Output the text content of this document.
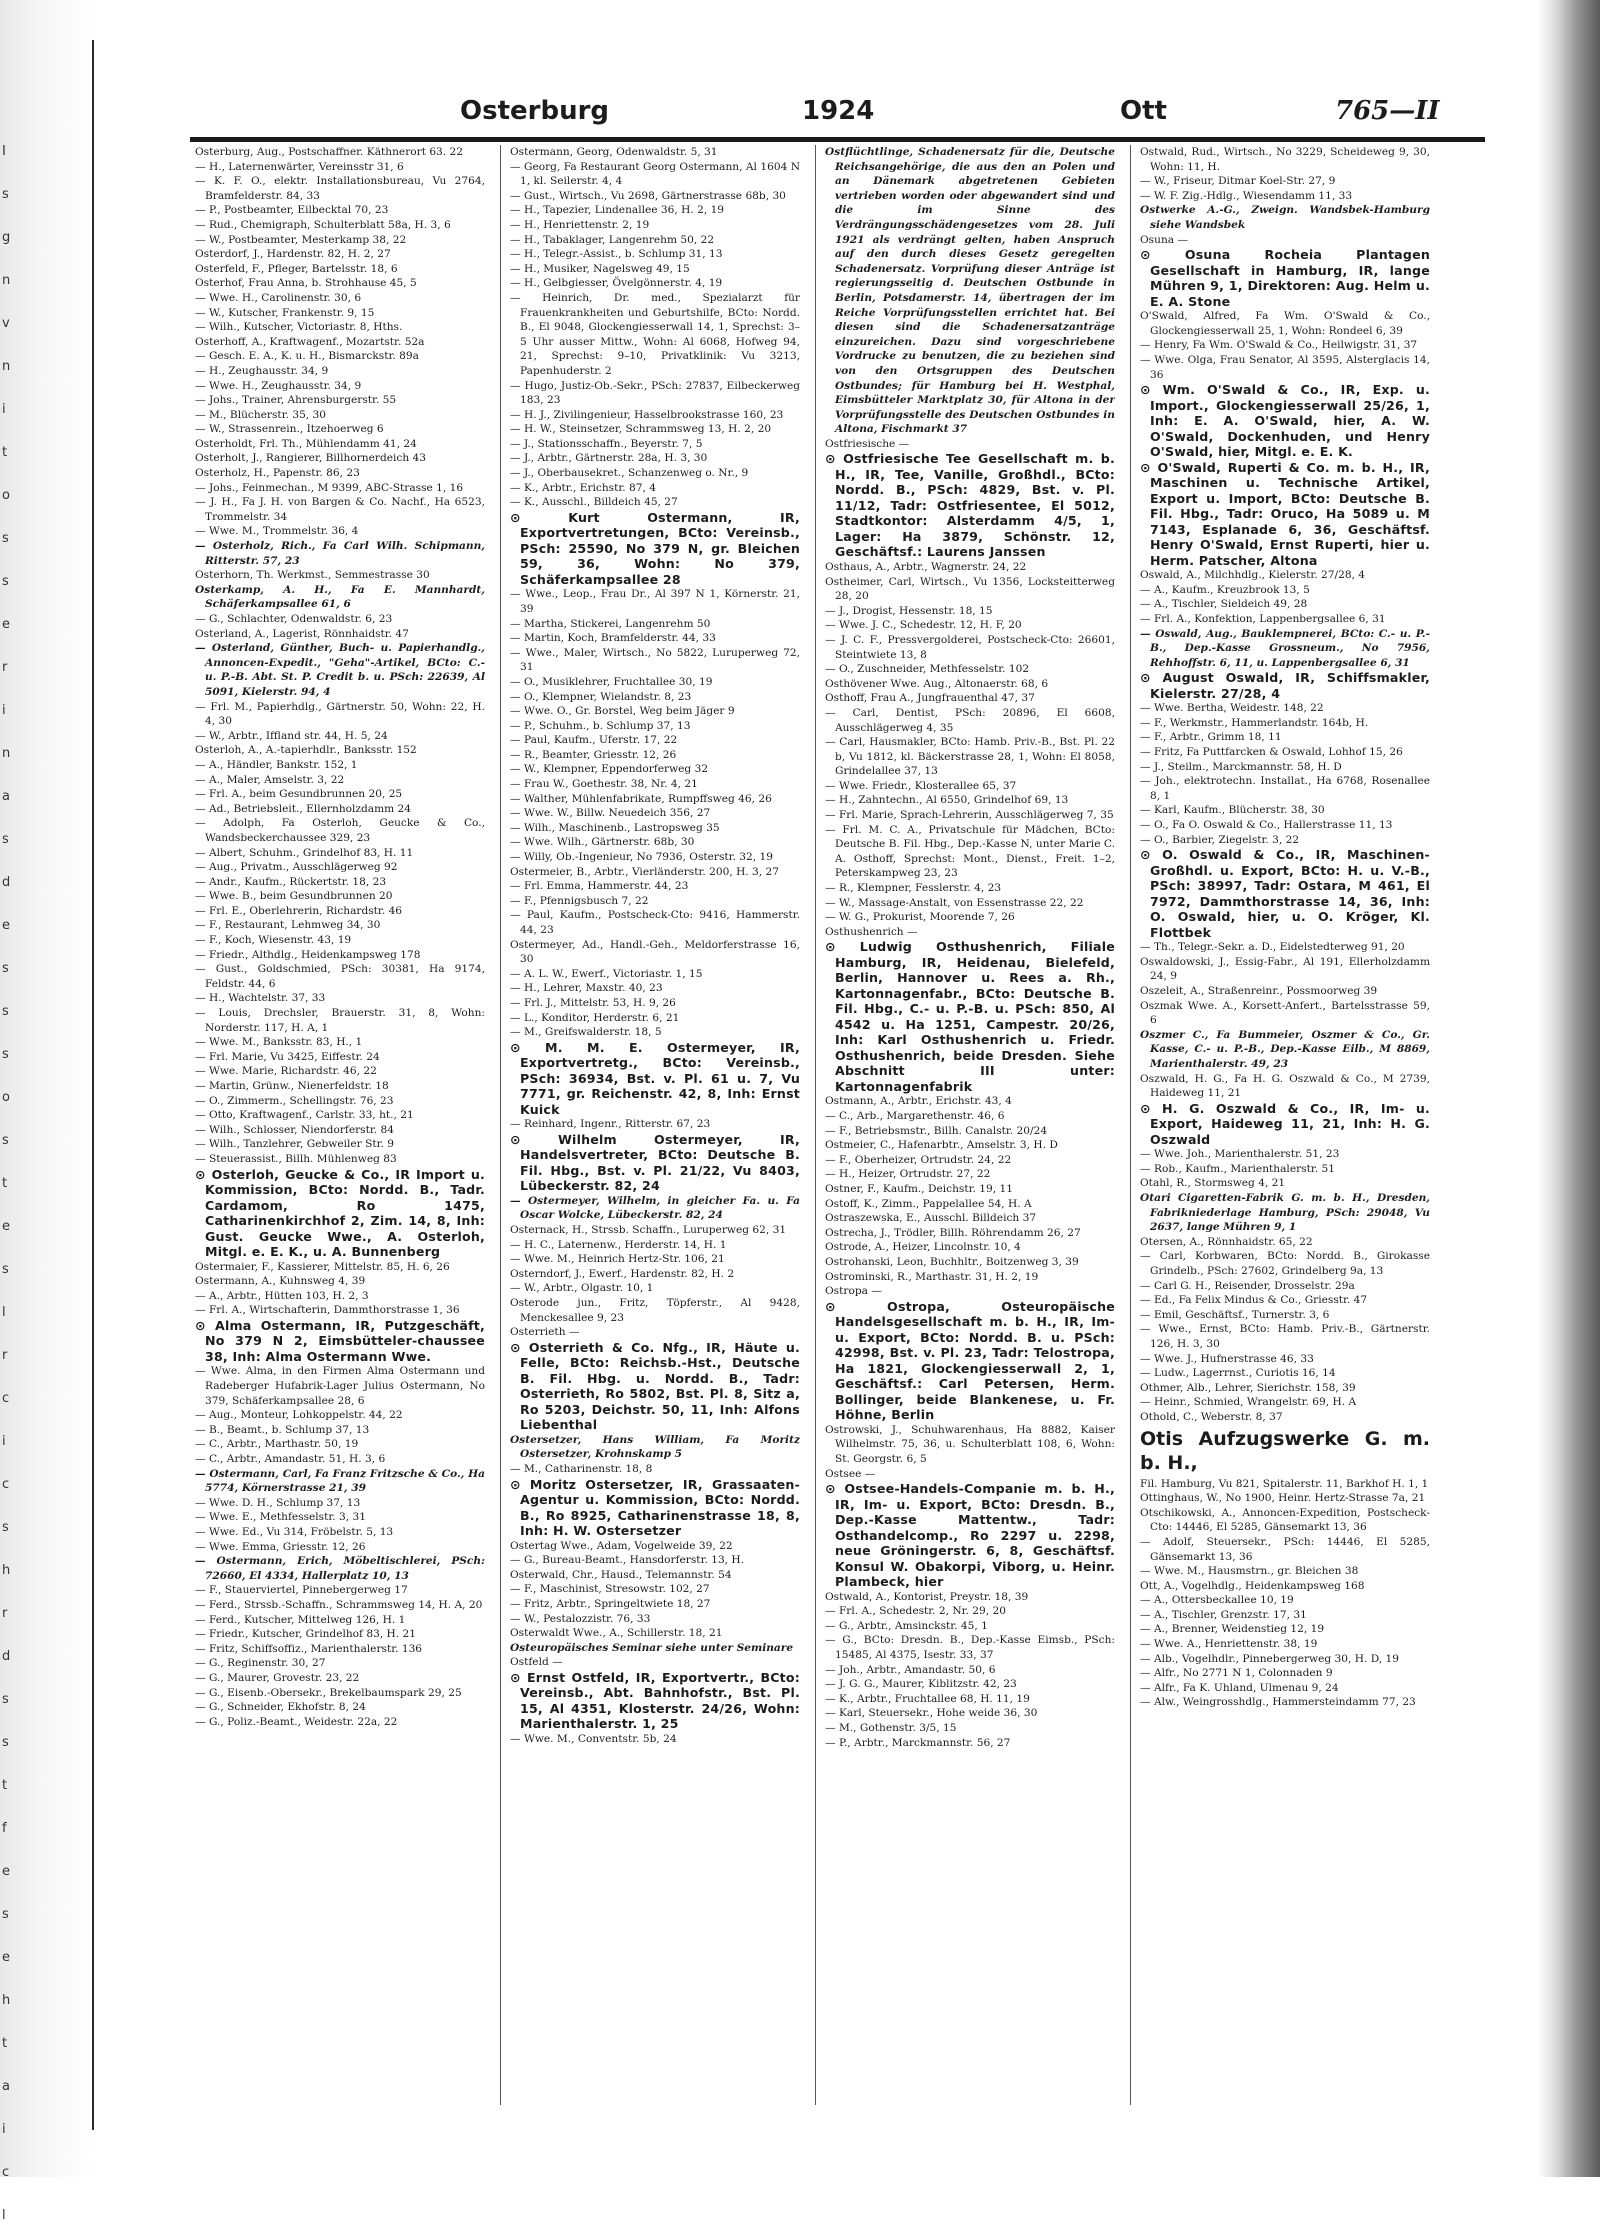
I
s
g
n
v
n
i
t
o
s
s
e
r
i
n
a
s
d
e
s
s
s
o
s
t
e
s
l
r
c
i
c
s
h
r
d
s
s
t
f
e
s
e
h
t
a
i
c
l
Osterburg	1924	Ott	765—II

Osterburg, Aug., Postschaffner. Käthnerort 63. 22

— H., Laternenwärter, Vereinsstr 31, 6

— K. F. O., elektr. Installationsbureau, Vu 2764, Bramfelderstr. 84, 33

— P., Postbeamter, Eilbecktal 70, 23

— Rud., Chemigraph, Schulterblatt 58a, H. 3, 6

— W., Postbeamter, Mesterkamp 38, 22

Osterdorf, J., Hardenstr. 82, H. 2, 27

Osterfeld, F., Pfleger, Bartelsstr. 18, 6

Osterhof, Frau Anna, b. Strohhause 45, 5

— Wwe. H., Carolinenstr. 30, 6

— W., Kutscher, Frankenstr. 9, 15

— Wilh., Kutscher, Victoriastr. 8, Hths.

Osterhoff, A., Kraftwagenf., Mozartstr. 52a

— Gesch. E. A., K. u. H., Bismarckstr. 89a

— H., Zeughausstr. 34, 9

— Wwe. H., Zeughausstr. 34, 9

— Johs., Trainer, Ahrensburgerstr. 55

— M., Blücherstr. 35, 30

— W., Strassenrein., Itzehoerweg 6

Osterholdt, Frl. Th., Mühlendamm 41, 24

Osterholt, J., Rangierer, Billhornerdeich 43

Osterholz, H., Papenstr. 86, 23

— Johs., Feinmechan., M 9399, ABC-Strasse 1, 16

— J. H., Fa J. H. von Bargen & Co. Nachf., Ha 6523, Trommelstr. 34

— Wwe. M., Trommelstr. 36, 4

— Osterholz, Rich., Fa Carl Wilh. Schipmann, Ritterstr. 57, 23

Osterhorn, Th. Werkmst., Semmestrasse 30

Osterkamp, A. H., Fa E. Mannhardt, Schäferkampsallee 61, 6

— G., Schlachter, Odenwaldstr. 6, 23

Osterland, A., Lagerist, Rönnhaidstr. 47

— Osterland, Günther, Buch- u. Papierhandlg., Annoncen-Expedit., "Geha"-Artikel, BCto: C.- u. P.-B. Abt. St. P. Credit b. u. PSch: 22639, Al 5091, Kielerstr. 94, 4

— Frl. M., Papierhdlg., Gärtnerstr. 50, Wohn: 22, H. 4, 30

— W., Arbtr., Iffland str. 44, H. 5, 24

Osterloh, A., A.-tapierhdlr., Banksstr. 152

— A., Händler, Bankstr. 152, 1

— A., Maler, Amselstr. 3, 22

— Frl. A., beim Gesundbrunnen 20, 25

— Ad., Betriebsleit., Ellernholzdamm 24

— Adolph, Fa Osterloh, Geucke & Co., Wandsbeckerchaussee 329, 23

— Albert, Schuhm., Grindelhof 83, H. 11

— Aug., Privatm., Ausschlägerweg 92

— Andr., Kaufm., Rückertstr. 18, 23

— Wwe. B., beim Gesundbrunnen 20

— Frl. E., Oberlehrerin, Richardstr. 46

— F., Restaurant, Lehmweg 34, 30

— F., Koch, Wiesenstr. 43, 19

— Friedr., Althdlg., Heidenkampsweg 178

— Gust., Goldschmied, PSch: 30381, Ha 9174, Feldstr. 44, 6

— H., Wachtelstr. 37, 33

— Louis, Drechsler, Brauerstr. 31, 8, Wohn: Norderstr. 117, H. A, 1

— Wwe. M., Banksstr. 83, H., 1

— Frl. Marie, Vu 3425, Eiffestr. 24

— Wwe. Marie, Richardstr. 46, 22

— Martin, Grünw., Nienerfeldstr. 18

— O., Zimmerm., Schellingstr. 76, 23

— Otto, Kraftwagenf., Carlstr. 33, ht., 21

— Wilh., Schlosser, Niendorferstr. 84

— Wilh., Tanzlehrer, Gebweiler Str. 9

— Steuerassist., Billh. Mühlenweg 83

⊙ Osterloh, Geucke & Co., IR Import u. Kommission, BCto: Nordd. B., Tadr. Cardamom, Ro 1475, Catharinenkirchhof 2, Zim. 14, 8, Inh: Gust. Geucke Wwe., A. Osterloh, Mitgl. e. E. K., u. A. Bunnenberg

Ostermaier, F., Kassierer, Mittelstr. 85, H. 6, 26

Ostermann, A., Kuhnsweg 4, 39

— A., Arbtr., Hütten 103, H. 2, 3

— Frl. A., Wirtschafterin, Dammthorstrasse 1, 36

⊙ Alma Ostermann, IR, Putzgeschäft, No 379 N 2, Eimsbütteler-chaussee 38, Inh: Alma Ostermann Wwe.

— Wwe. Alma, in den Firmen Alma Ostermann und Radeberger Hufabrik-Lager Julius Ostermann, No 379, Schäferkampsallee 28, 6

— Aug., Monteur, Lohkoppelstr. 44, 22

— B., Beamt., b. Schlump 37, 13

— C., Arbtr., Marthastr. 50, 19

— C., Arbtr., Amandastr. 51, H. 3, 6

— Ostermann, Carl, Fa Franz Fritzsche & Co., Ha 5774, Körnerstrasse 21, 39

— Wwe. D. H., Schlump 37, 13

— Wwe. E., Methfesselstr. 3, 31

— Wwe. Ed., Vu 314, Fröbelstr. 5, 13

— Wwe. Emma, Griesstr. 12, 26

— Ostermann, Erich, Möbeltischlerei, PSch: 72660, El 4334, Hallerplatz 10, 13

— F., Stauerviertel, Pinnebergerweg 17

— Ferd., Strssb.-Schaffn., Schrammsweg 14, H. A, 20

— Ferd., Kutscher, Mittelweg 126, H. 1

— Friedr., Kutscher, Grindelhof 83, H. 21

— Fritz, Schiffsoffiz., Marienthalerstr. 136

— G., Reginenstr. 30, 27

— G., Maurer, Grovestr. 23, 22

— G., Eisenb.-Obersekr., Brekelbaumspark 29, 25

— G., Schneider, Ekhofstr. 8, 24

— G., Poliz.-Beamt., Weidestr. 22a, 22

Ostermann, Georg, Odenwaldstr. 5, 31

— Georg, Fa Restaurant Georg Ostermann, Al 1604 N 1, kl. Seilerstr. 4, 4

— Gust., Wirtsch., Vu 2698, Gärtnerstrasse 68b, 30

— H., Tapezier, Lindenallee 36, H. 2, 19

— H., Henriettenstr. 2, 19

— H., Tabaklager, Langenrehm 50, 22

— H., Telegr.-Assist., b. Schlump 31, 13

— H., Musiker, Nagelsweg 49, 15

— H., Gelbgiesser, Övelgönnerstr. 4, 19

— Heinrich, Dr. med., Spezialarzt für Frauenkrankheiten und Geburtshilfe, BCto: Nordd. B., El 9048, Glockengiesserwall 14, 1, Sprechst: 3–5 Uhr ausser Mittw., Wohn: Al 6068, Hofweg 94, 21, Sprechst: 9–10, Privatklinik: Vu 3213, Papenhuderstr. 2

— Hugo, Justiz-Ob.-Sekr., PSch: 27837, Eilbeckerweg 183, 23

— H. J., Zivilingenieur, Hasselbrookstrasse 160, 23

— H. W., Steinsetzer, Schrammsweg 13, H. 2, 20

— J., Stationsschaffn., Beyerstr. 7, 5

— J., Arbtr., Gärtnerstr. 28a, H. 3, 30

— J., Oberbausekret., Schanzenweg o. Nr., 9

— K., Arbtr., Erichstr. 87, 4

— K., Ausschl., Billdeich 45, 27

⊙ Kurt Ostermann, IR, Exportvertretungen, BCto: Vereinsb., PSch: 25590, No 379 N, gr. Bleichen 59, 36, Wohn: No 379, Schäferkampsallee 28

— Wwe., Leop., Frau Dr., Al 397 N 1, Körnerstr. 21, 39

— Martha, Stickerei, Langenrehm 50

— Martin, Koch, Bramfelderstr. 44, 33

— Wwe., Maler, Wirtsch., No 5822, Luruperweg 72, 31

— O., Musiklehrer, Fruchtallee 30, 19

— O., Klempner, Wielandstr. 8, 23

— Wwe. O., Gr. Borstel, Weg beim Jäger 9

— P., Schuhm., b. Schlump 37, 13

— Paul, Kaufm., Uferstr. 17, 22

— R., Beamter, Griesstr. 12, 26

— W., Klempner, Eppendorferweg 32

— Frau W., Goethestr. 38, Nr. 4, 21

— Walther, Mühlenfabrikate, Rumpffsweg 46, 26

— Wwe. W., Billw. Neuedeich 356, 27

— Wilh., Maschinenb., Lastropsweg 35

— Wwe. Wilh., Gärtnerstr. 68b, 30

— Willy, Ob.-Ingenieur, No 7936, Osterstr. 32, 19

Ostermeier, B., Arbtr., Vierländerstr. 200, H. 3, 27

— Frl. Emma, Hammerstr. 44, 23

— F., Pfennigsbusch 7, 22

— Paul, Kaufm., Postscheck-Cto: 9416, Hammerstr. 44, 23

Ostermeyer, Ad., Handl.-Geh., Meldorferstrasse 16, 30

— A. L. W., Ewerf., Victoriastr. 1, 15

— H., Lehrer, Maxstr. 40, 23

— Frl. J., Mittelstr. 53, H. 9, 26

— L., Konditor, Herderstr. 6, 21

— M., Greifswalderstr. 18, 5

⊙ M. M. E. Ostermeyer, IR, Exportvertretg., BCto: Vereinsb., PSch: 36934, Bst. v. Pl. 61 u. 7, Vu 7771, gr. Reichenstr. 42, 8, Inh: Ernst Kuick

— Reinhard, Ingenr., Ritterstr. 67, 23

⊙ Wilhelm Ostermeyer, IR, Handelsvertreter, BCto: Deutsche B. Fil. Hbg., Bst. v. Pl. 21/22, Vu 8403, Lübeckerstr. 82, 24

— Ostermeyer, Wilhelm, in gleicher Fa. u. Fa Oscar Wolcke, Lübeckerstr. 82, 24

Osternack, H., Strssb. Schaffn., Luruperweg 62, 31

— H. C., Laternenw., Herderstr. 14, H. 1

— Wwe. M., Heinrich Hertz-Str. 106, 21

Osterndorf, J., Ewerf., Hardenstr. 82, H. 2

— W., Arbtr., Olgastr. 10, 1

Osterode jun., Fritz, Töpferstr., Al 9428, Menckesallee 9, 23

Osterrieth —

⊙ Osterrieth & Co. Nfg., IR, Häute u. Felle, BCto: Reichsb.-Hst., Deutsche B. Fil. Hbg. u. Nordd. B., Tadr: Osterrieth, Ro 5802, Bst. Pl. 8, Sitz a, Ro 5203, Deichstr. 50, 11, Inh: Alfons Liebenthal

Ostersetzer, Hans William, Fa Moritz Ostersetzer, Krohnskamp 5

— M., Catharinenstr. 18, 8

⊙ Moritz Ostersetzer, IR, Grassaaten-Agentur u. Kommission, BCto: Nordd. B., Ro 8925, Catharinenstrasse 18, 8, Inh: H. W. Ostersetzer

Ostertag Wwe., Adam, Vogelweide 39, 22

— G., Bureau-Beamt., Hansdorferstr. 13, H.

Osterwald, Chr., Hausd., Telemannstr. 54

— F., Maschinist, Stresowstr. 102, 27

— Fritz, Arbtr., Springeltwiete 18, 27

— W., Pestalozzistr. 76, 33

Osterwaldt Wwe., A., Schillerstr. 18, 21

Osteuropäisches Seminar siehe unter Seminare

Ostfeld —

⊙ Ernst Ostfeld, IR, Exportvertr., BCto: Vereinsb., Abt. Bahnhofstr., Bst. Pl. 15, Al 4351, Klosterstr. 24/26, Wohn: Marienthalerstr. 1, 25

— Wwe. M., Conventstr. 5b, 24

Ostflüchtlinge, Schadenersatz für die, Deutsche Reichsangehörige, die aus den an Polen und an Dänemark abgetretenen Gebieten vertrieben worden oder abgewandert sind und die im Sinne des Verdrängungsschädengesetzes vom 28. Juli 1921 als verdrängt gelten, haben Anspruch auf den durch dieses Gesetz geregelten Schadenersatz. Vorprüfung dieser Anträge ist regierungsseitig d. Deutschen Ostbunde in Berlin, Potsdamerstr. 14, übertragen der im Reiche Vorprüfungsstellen errichtet hat. Bei diesen sind die Schadenersatzanträge einzureichen. Dazu sind vorgeschriebene Vordrucke zu benutzen, die zu beziehen sind von den Ortsgruppen des Deutschen Ostbundes; für Hamburg bei H. Westphal, Eimsbütteler Marktplatz 30, für Altona in der Vorprüfungsstelle des Deutschen Ostbundes in Altona, Fischmarkt 37

Ostfriesische —

⊙ Ostfriesische Tee Gesellschaft m. b. H., IR, Tee, Vanille, Großhdl., BCto: Nordd. B., PSch: 4829, Bst. v. Pl. 11/12, Tadr: Ostfriesentee, El 5012, Stadtkontor: Alsterdamm 4/5, 1, Lager: Ha 3879, Schönstr. 12, Geschäftsf.: Laurens Janssen

Osthaus, A., Arbtr., Wagnerstr. 24, 22

Ostheimer, Carl, Wirtsch., Vu 1356, Locksteitterweg 28, 20

— J., Drogist, Hessenstr. 18, 15

— Wwe. J. C., Schedestr. 12, H. F, 20

— J. C. F., Pressvergolderei, Postscheck-Cto: 26601, Steintwiete 13, 8

— O., Zuschneider, Methfesselstr. 102

Osthövener Wwe. Aug., Altonaerstr. 68, 6

Osthoff, Frau A., Jungfrauenthal 47, 37

— Carl, Dentist, PSch: 20896, El 6608, Ausschlägerweg 4, 35

— Carl, Hausmakler, BCto: Hamb. Priv.-B., Bst. Pl. 22 b, Vu 1812, kl. Bäckerstrasse 28, 1, Wohn: El 8058, Grindelallee 37, 13

— Wwe. Friedr., Klosterallee 65, 37

— H., Zahntechn., Al 6550, Grindelhof 69, 13

— Frl. Marie, Sprach-Lehrerin, Ausschlägerweg 7, 35

— Frl. M. C. A., Privatschule für Mädchen, BCto: Deutsche B. Fil. Hbg., Dep.-Kasse N, unter Marie C. A. Osthoff, Sprechst: Mont., Dienst., Freit. 1–2, Peterskampweg 23, 23

— R., Klempner, Fesslerstr. 4, 23

— W., Massage-Anstalt, von Essenstrasse 22, 22

— W. G., Prokurist, Moorende 7, 26

Osthushenrich —

⊙ Ludwig Osthushenrich, Filiale Hamburg, IR, Heidenau, Bielefeld, Berlin, Hannover u. Rees a. Rh., Kartonnagenfabr., BCto: Deutsche B. Fil. Hbg., C.- u. P.-B. u. PSch: 850, Al 4542 u. Ha 1251, Campestr. 20/26, Inh: Karl Osthushenrich u. Friedr. Osthushenrich, beide Dresden. Siehe Abschnitt III unter: Kartonnagenfabrik

Ostmann, A., Arbtr., Erichstr. 43, 4

— C., Arb., Margarethenstr. 46, 6

— F., Betriebsmstr., Billh. Canalstr. 20/24

Ostmeier, C., Hafenarbtr., Amselstr. 3, H. D

— F., Oberheizer, Ortrudstr. 24, 22

— H., Heizer, Ortrudstr. 27, 22

Ostner, F., Kaufm., Deichstr. 19, 11

Ostoff, K., Zimm., Pappelallee 54, H. A

Ostraszewska, E., Ausschl. Billdeich 37

Ostrecha, J., Trödler, Billh. Röhrendamm 26, 27

Ostrode, A., Heizer, Lincolnstr. 10, 4

Ostrohanski, Leon, Buchhltr., Boitzenweg 3, 39

Ostrominski, R., Marthastr. 31, H. 2, 19

Ostropa —

⊙ Ostropa, Osteuropäische Handelsgesellschaft m. b. H., IR, Im- u. Export, BCto: Nordd. B. u. PSch: 42998, Bst. v. Pl. 23, Tadr: Telostropa, Ha 1821, Glockengiesserwall 2, 1, Geschäftsf.: Carl Petersen, Herm. Bollinger, beide Blankenese, u. Fr. Höhne, Berlin

Ostrowski, J., Schuhwarenhaus, Ha 8882, Kaiser Wilhelmstr. 75, 36, u. Schulterblatt 108, 6, Wohn: St. Georgstr. 6, 5

Ostsee —

⊙ Ostsee-Handels-Companie m. b. H., IR, Im- u. Export, BCto: Dresdn. B., Dep.-Kasse Mattentw., Tadr: Osthandelcomp., Ro 2297 u. 2298, neue Gröningerstr. 6, 8, Geschäftsf. Konsul W. Obakorpi, Viborg, u. Heinr. Plambeck, hier

Ostwald, A., Kontorist, Preystr. 18, 39

— Frl. A., Schedestr. 2, Nr. 29, 20

— G., Arbtr., Amsinckstr. 45, 1

— G., BCto: Dresdn. B., Dep.-Kasse Eimsb., PSch: 15485, Al 4375, Isestr. 33, 37

— Joh., Arbtr., Amandastr. 50, 6

— J. G. G., Maurer, Kiblitzstr. 42, 23

— K., Arbtr., Fruchtallee 68, H. 11, 19

— Karl, Steuersekr., Hohe weide 36, 30

— M., Gothenstr. 3/5, 15

— P., Arbtr., Marckmannstr. 56, 27

Ostwald, Rud., Wirtsch., No 3229, Scheideweg 9, 30, Wohn: 11, H.

— W., Friseur, Ditmar Koel-Str. 27, 9

— W. F. Zig.-Hdlg., Wiesendamm 11, 33

Ostwerke A.-G., Zweign. Wandsbek-Hamburg siehe Wandsbek

Osuna —

⊙ Osuna Rocheia Plantagen Gesellschaft in Hamburg, IR, lange Mühren 9, 1, Direktoren: Aug. Helm u. E. A. Stone

O'Swald, Alfred, Fa Wm. O'Swald & Co., Glockengiesserwall 25, 1, Wohn: Rondeel 6, 39

— Henry, Fa Wm. O'Swald & Co., Heilwigstr. 31, 37

— Wwe. Olga, Frau Senator, Al 3595, Alsterglacis 14, 36

⊙ Wm. O'Swald & Co., IR, Exp. u. Import., Glockengiesserwall 25/26, 1, Inh: E. A. O'Swald, hier, A. W. O'Swald, Dockenhuden, und Henry O'Swald, hier, Mitgl. e. E. K.

⊙ O'Swald, Ruperti & Co. m. b. H., IR, Maschinen u. Technische Artikel, Export u. Import, BCto: Deutsche B. Fil. Hbg., Tadr: Oruco, Ha 5089 u. M 7143, Esplanade 6, 36, Geschäftsf. Henry O'Swald, Ernst Ruperti, hier u. Herm. Patscher, Altona

Oswald, A., Milchhdlg., Kielerstr. 27/28, 4

— A., Kaufm., Kreuzbrook 13, 5

— A., Tischler, Sieldeich 49, 28

— Frl. A., Konfektion, Lappenbergsallee 6, 31

— Oswald, Aug., Bauklempnerei, BCto: C.- u. P.-B., Dep.-Kasse Grossneum., No 7956, Rehhoffstr. 6, 11, u. Lappenbergsallee 6, 31

⊙ August Oswald, IR, Schiffsmakler, Kielerstr. 27/28, 4

— Wwe. Bertha, Weidestr. 148, 22

— F., Werkmstr., Hammerlandstr. 164b, H.

— F., Arbtr., Grimm 18, 11

— Fritz, Fa Puttfarcken & Oswald, Lohhof 15, 26

— J., Steilm., Marckmannstr. 58, H. D

— Joh., elektrotechn. Installat., Ha 6768, Rosenallee 8, 1

— Karl, Kaufm., Blücherstr. 38, 30

— O., Fa O. Oswald & Co., Hallerstrasse 11, 13

— O., Barbier, Ziegelstr. 3, 22

⊙ O. Oswald & Co., IR, Maschinen-Großhdl. u. Export, BCto: H. u. V.-B., PSch: 38997, Tadr: Ostara, M 461, El 7972, Dammthorstrasse 14, 36, Inh: O. Oswald, hier, u. O. Kröger, Kl. Flottbek

— Th., Telegr.-Sekr. a. D., Eidelstedterweg 91, 20

Oswaldowski, J., Essig-Fabr., Al 191, Ellerholzdamm 24, 9

Oszeleit, A., Straßenreinr., Possmoorweg 39

Oszmak Wwe. A., Korsett-Anfert., Bartelsstrasse 59, 6

Oszmer C., Fa Bummeier, Oszmer & Co., Gr. Kasse, C.- u. P.-B., Dep.-Kasse Eilb., M 8869, Marienthalerstr. 49, 23

Oszwald, H. G., Fa H. G. Oszwald & Co., M 2739, Haideweg 11, 21

⊙ H. G. Oszwald & Co., IR, Im- u. Export, Haideweg 11, 21, Inh: H. G. Oszwald

— Wwe. Joh., Marienthalerstr. 51, 23

— Rob., Kaufm., Marienthalerstr. 51

Otahl, R., Stormsweg 4, 21

Otari Cigaretten-Fabrik G. m. b. H., Dresden, Fabrikniederlage Hamburg, PSch: 29048, Vu 2637, lange Mühren 9, 1

Otersen, A., Rönnhaidstr. 65, 22

— Carl, Korbwaren, BCto: Nordd. B., Girokasse Grindelb., PSch: 27602, Grindelberg 9a, 13

— Carl G. H., Reisender, Drosselstr. 29a

— Ed., Fa Felix Mindus & Co., Griesstr. 47

— Emil, Geschäftsf., Turnerstr. 3, 6

— Wwe., Ernst, BCto: Hamb. Priv.-B., Gärtnerstr. 126, H. 3, 30

— Wwe. J., Hufnerstrasse 46, 33

— Ludw., Lagerrnst., Curiotis 16, 14

Othmer, Alb., Lehrer, Sierichstr. 158, 39

— Heinr., Schmied, Wrangelstr. 69, H. A

Othold, C., Weberstr. 8, 37

Otis Aufzugswerke G. m. b. H.,

Fil. Hamburg, Vu 821, Spitalerstr. 11, Barkhof H. 1, 1

Ottinghaus, W., No 1900, Heinr. Hertz-Strasse 7a, 21

Otschikowski, A., Annoncen-Expedition, Postscheck-Cto: 14446, El 5285, Gänsemarkt 13, 36

— Adolf, Steuersekr., PSch: 14446, El 5285, Gänsemarkt 13, 36

— Wwe. M., Hausmstrn., gr. Bleichen 38

Ott, A., Vogelhdlg., Heidenkampsweg 168

— A., Ottersbeckallee 10, 19

— A., Tischler, Grenzstr. 17, 31

— A., Brenner, Weidenstieg 12, 19

— Wwe. A., Henriettenstr. 38, 19

— Alb., Vogelhdlr., Pinnebergerweg 30, H. D, 19

— Alfr., No 2771 N 1, Colonnaden 9

— Alfr., Fa K. Uhland, Ulmenau 9, 24

— Alw., Weingrosshdlg., Hammersteindamm 77, 23
